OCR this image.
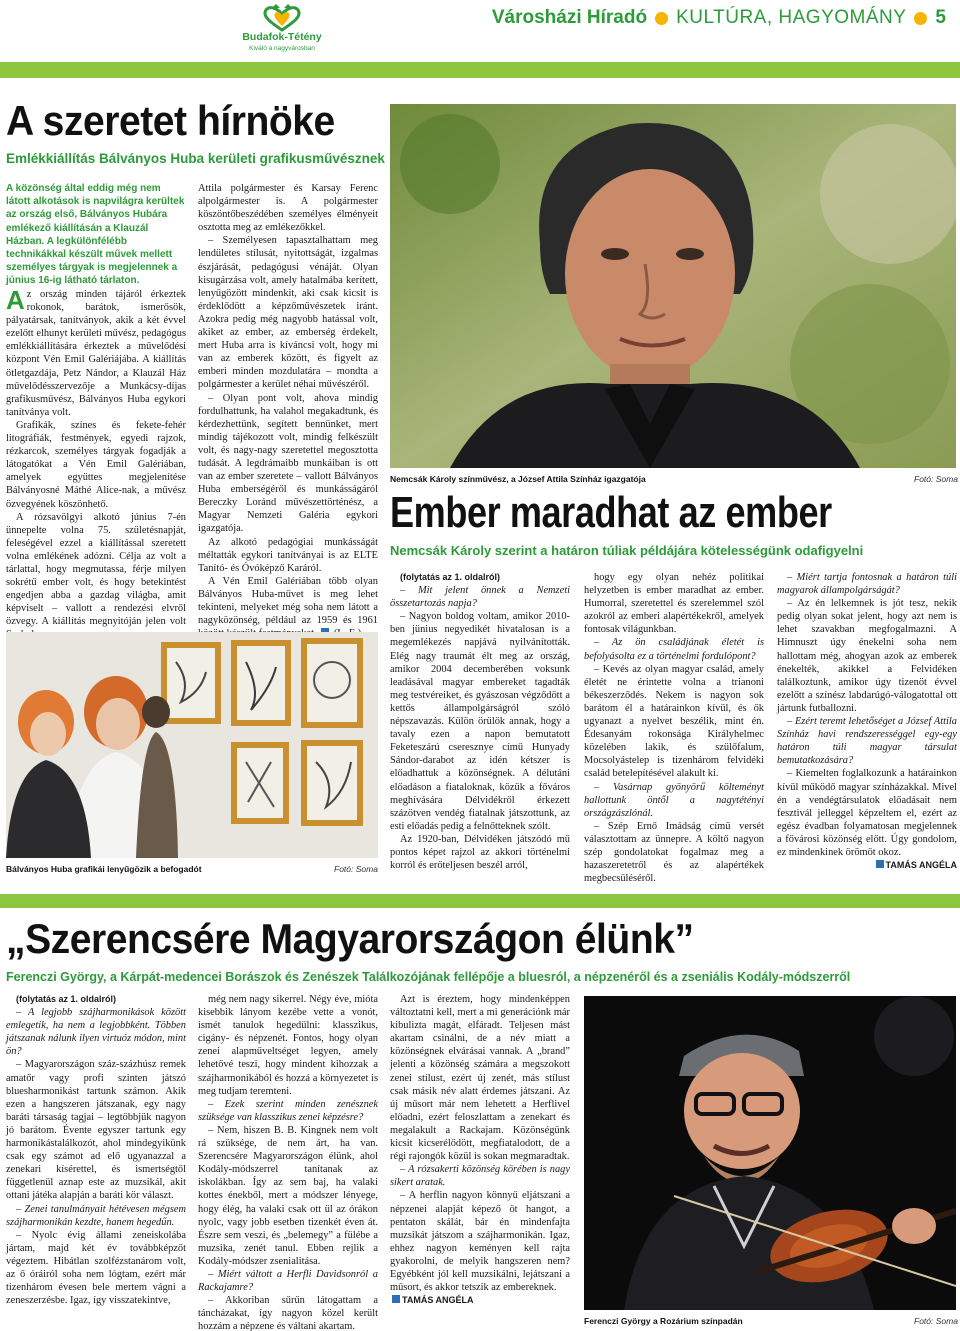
Budafok-Tétény
Kiváló a nagyvárosban
Városházi Híradó KULTÚRA, HAGYOMÁNY 5
A szeretet hírnöke
Emlékkiállítás Bálványos Huba kerületi grafikusművésznek
A közönség által eddig még nem látott alkotások is napvilágra kerültek az ország első, Bálványos Hubára emlékező kiállításán a Klauzál Házban. A legkülönfélébb technikákkal készült művek mellett személyes tárgyak is megjelennek a június 16-ig látható tárlaton.

Az ország minden tájáról érkeztek rokonok, barátok, ismerősök, pályatársak, tanítványok, akik a két évvel ezelőtt elhunyt kerületi művész, pedagógus emlékkiállítására érkeztek a művelődési központ Vén Emil Galériájába. A kiállítás ötletgazdája, Petz Nándor, a Klauzál Ház művelődésszervezője a Munkácsy-díjas grafikusművész, Bálványos Huba egykori tanítványa volt.

Grafikák, színes és fekete-fehér litográfiák, festmények, egyedi rajzok, rézkarcok, személyes tárgyak fogadják a látogatókat a Vén Emil Galériában, amelyek együttes megjelenítése Bálványosné Máthé Alice-nak, a művész özvegyének köszönhető.

A rózsavölgyi alkotó június 7-én ünnepelte volna 75. születésnapját, feleségével ezzel a kiállítással szeretett volna emlékének adózni. Célja az volt a tárlattal, hogy megmutassa, férje milyen sokrétű ember volt, és hogy betekintést engedjen abba a gazdag világba, amit képviselt – vallott a rendezési elvről özvegy. A kiállítás megnyitóján jelen volt

Attila polgármester és Karsay Ferenc alpolgármester is. A polgármester köszöntőbeszédében személyes élményeit osztotta meg az emlékezőkkel.

– Személyesen tapasztalhattam meg lendületes stílusát, nyitottságát, izgalmas észjárását, pedagógusi vénáját. Olyan kisugárzása volt, amely hatalmába kerített, lenyűgözött mindenkit, aki csak kicsit is érdeklődött a képzőművészetek iránt. Azokra pedig még nagyobb hatással volt, akiket az ember, az emberség érdekelt, mert Huba arra is kíváncsi volt, hogy mi van az emberek között, és figyelt az emberi minden mozdulatára – mondta a polgármester a kerület néhai művészéről.

– Olyan pont volt, ahova mindig fordulhattunk, ha valahol megakadtunk, és kérdezhettünk, segített bennünket, mert mindig tájékozott volt, mindig felkészült volt, és nagy-nagy szeretettel megosztotta tudását. A legdrámaibb munkáiban is ott van az ember szeretete – vallott Bálványos Huba emberségéről és munkásságáról Bereczky Loránd művészettörténész, a Magyar Nemzeti Galéria egykori igazgatója.

Az alkotó pedagógiai munkásságát méltatták egykori tanítványai is az ELTE Tanító- és Óvóképző Karáról.

A Vén Emil Galériában több olyan Bálványos Huba-művet is meg lehet tekinteni, melyeket még soha nem látott a nagyközönség, például az 1959 és 1961

Bálványos Huba grafikái lenyűgözik a befogadót	Fotó: Soma
Nemcsák Károly színművész, a József Attila Színház igazgatója	Fotó: Soma
Ember maradhat az ember
Nemcsák Károly szerint a határon túliak példájára kötelességünk odafigyelni

(folytatás az 1. oldalról)

– Mit jelent önnek a Nemzeti összetartozás napja?

– Nagyon boldog voltam, amikor 2010-ben jünius negyedikét hivatalosan is a megemlékezés napjává nyilvánították. Elég nagy traumát élt meg az ország, amikor 2004 decemberében voksunk leadásával magyar embereket tagadták meg testvéreiket, és gyászosan végződött a kettős állampolgárságról szóló népszavazás. Külön örülök annak, hogy a tavaly ezen a napon bemutatott Feketeszárú cseresznye című Hunyady Sándor-darabot az idén kétszer is előadhattuk a közönségnek. A délutáni előadáson a fiataloknak, közük a főváros meghívására Délvidékről érkezett százötven vendég fiatalnak játszottunk, az esti előadás pedig a felnőtteknek szólt.

Az 1920-ban, Délvidéken játszódó mű pontos képet rajzol az akkori történelmi korról és erőteljesen beszél arról,

hogy egy olyan nehéz politikai helyzetben is ember maradhat az ember. Humorral, szeretettel és szerelemmel szól azokról az emberi alapértékekről, amelyek fontosak világunkban.

– Az ön családjának életét is befolyásolta ez a történelmi fordulópont?

– Kevés az olyan magyar család, amely életét ne érintette volna a trianoni békeszerződés. Nekem is nagyon sok barátom él a határainkon kívül, és ők ugyanazt a nyelvet beszélik, mint én. Édesanyám rokonsága Királyhelmec közelében lakik, és szülőfalum, Mocsolyástelep is tizenhárom felvidéki család betelepítésével alakult ki.

– Vasárnap gyönyörű költeményt hallottunk öntől a nagytétényi országzászlónál.

– Szép Ernő Imádság című versét választottam az ünnepre. A költő nagyon szép gondolatokat fogalmaz meg a hazaszeretetről és az alapértékek megbecsüléséről.

– Miért tartja fontosnak a határon túli magyarok állampolgárságát?

– Az én lelkemnek is jót tesz, nekik pedig olyan sokat jelent, hogy azt nem is lehet szavakban megfogalmazni. A Himnuszt úgy énekelni soha nem hallottam még, ahogyan azok az emberek énekelték, akikkel a Felvidéken találkoztunk, amikor úgy tizenöt évvel ezelőtt a színész labdarúgó-válogatottal ott jártunk futballozni.

– Ezért teremt lehetőséget a József Attila Színház havi rendszerességgel egy-egy határon túli magyar társulat bemutatkozására?

– Kiemelten foglalkozunk a határainkon kívül működő magyar színházakkal. Mivel én a vendégtársulatok előadásait nem fesztivál jelleggel képzeltem el, ezért az egész évadban folyamatosan megjelennek a fővárosi közönség előtt. Úgy gondolom, ez mindenkinek örömöt okoz.

TAMÁS ANGÉLA

„Szerencsére Magyarországon élünk”
Ferenczi György, a Kárpát-medencei Borászok és Zenészek Találkozójának fellépője a bluesról, a népzenéről és a zseniális Kodály-módszerről

(folytatás az 1. oldalról)

– A legjobb szájharmonikások között emlegetik, ha nem a legjobbként. Többen játszanak nálunk ilyen virtuóz módon, mint ön?

– Magyarországon száz-százhúsz remek amatőr vagy profi szinten játszó bluesharmonikást tartunk számon. Akik ezen a hangszeren játszanak, egy nagy baráti társaság tagjai – legtöbbjük nagyon jó barátom. Évente egyszer tartunk egy harmonikástalálkozót, ahol mindegyikünk csak egy számot ad elő ugyanazzal a zenekari kísérettel, és ismertségtől függetlenül aznap este az muzsikál, akit ottani játéka alapján a baráti kör választ.

– Zenei tanulmányait hétévesen mégsem szájharmonikán kezdte, hanem hegedűn.

– Nyolc évig állami zeneiskolába jártam, majd két év továbbképzőt végeztem. Hibátlan szolfézstanárom volt, az ő óráiról soha nem lógtam, ezért már tizenhárom évesen bele mertem vágni a zeneszerzésbe. Igaz, így visszatekintve,

még nem nagy sikerrel. Négy éve, mióta kisebbik lányom kezébe vette a vonót, ismét tanulok hegedülni: klasszikus, cigány- és népzenét. Fontos, hogy olyan zenei alapműveltséget legyen, amely lehetővé teszi, hogy mindent kihozzak a szájharmonikából és hozzá a környezetet is meg tudjam teremteni.

– Ezek szerint minden zenésznek szüksége van klasszikus zenei képzésre?

– Nem, hiszen B. B. Kingnek nem volt rá szüksége, de nem árt, ha van. Szerencsére Magyarországon élünk, ahol Kodály-módszerrel tanítanak az iskolákban. Így az sem baj, ha valaki kottes énekből, mert a módszer lényege, hogy élég, ha valaki csak ott ül az órákon nyolc, vagy jobb esetben tizenkét éven át. Észre sem veszi, és „belemegy” a fülébe a muzsika, zenét tanul. Ebben rejlik a Kodály-módszer zsenialitása.

– Miért váltott a Herfli Davidsonról a Rackajamre?

– Akkoriban sűrűn látogattam a táncházakat, így nagyon közel került hozzám a népzene és váltani akartam.

Azt is éreztem, hogy mindenképpen változtatni kell, mert a mi generációnk már kibulizta magát, elfáradt. Teljesen mást akartam csinálni, de a név miatt a közönségnek elvárásai vannak. A „brand” jelenti a közönség számára a megszokott zenei stílust, ezért új zenét, más stílust csak másik név alatt érdemes játszani. Az új műsort már nem lehetett a Herflivel előadni, ezért feloszlattam a zenekart és megalakult a Rackajam. Közönségünk kicsit kicserélődött, megfiatalodott, de a régi rajongók közül is sokan megmaradtak.

– A rózsakerti közönség körében is nagy sikert aratak.

– A herflin nagyon könnyű eljátszani a népzenei alapját képező öt hangot, a pentaton skálát, bár én mindenfajta muzsikát játszom a szájharmonikán. Igaz, ehhez nagyon keményen kell rajta gyakorolni, de melyik hangszeren nem? Egyébként jól kell muzsikálni, lejátszani a műsort, és akkor tetszik az embereknek.

TAMÁS ANGÉLA

Ferenczi György a Rozárium színpadán	Fotó: Soma
